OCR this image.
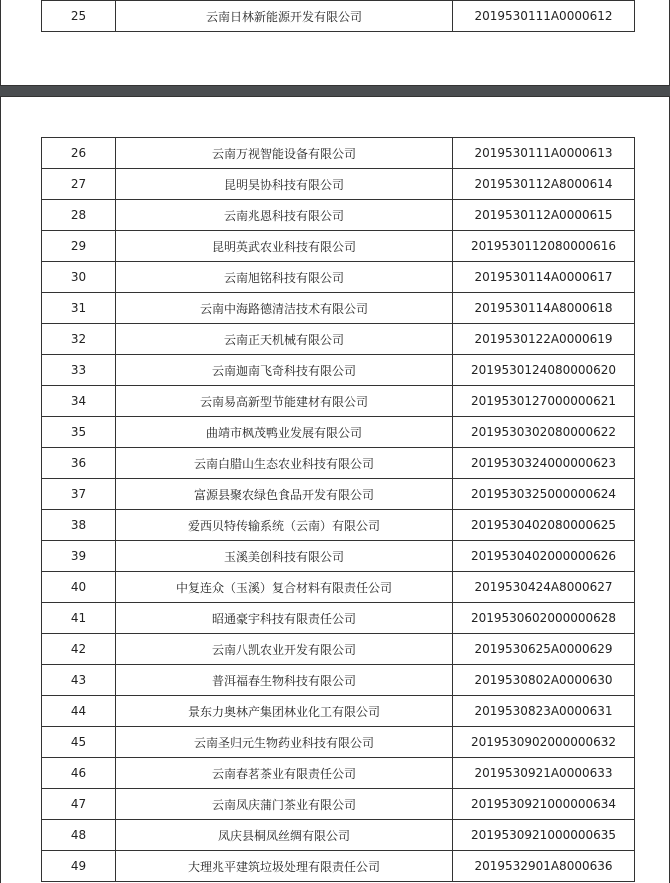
25	云南日林新能源开发有限公司	2019530111A0000612
26	云南万视智能设备有限公司	2019530111A0000613
27	昆明昊协科技有限公司	2019530112A8000614
28	云南兆恩科技有限公司	2019530112A0000615
29	昆明英武农业科技有限公司	2019530112080000616
30	云南旭铭科技有限公司	2019530114A0000617
31	云南中海路德清洁技术有限公司	2019530114A8000618
32	云南正天机械有限公司	2019530122A0000619
33	云南迦南飞奇科技有限公司	2019530124080000620
34	云南易高新型节能建材有限公司	2019530127000000621
35	曲靖市枫茂鸭业发展有限公司	2019530302080000622
36	云南白腊山生态农业科技有限公司	2019530324000000623
37	富源县聚农绿色食品开发有限公司	2019530325000000624
38	爱西贝特传输系统（云南）有限公司	2019530402080000625
39	玉溪美创科技有限公司	2019530402000000626
40	中复连众（玉溪）复合材料有限责任公司	2019530424A8000627
41	昭通豪宇科技有限责任公司	2019530602000000628
42	云南八凯农业开发有限公司	2019530625A0000629
43	普洱福春生物科技有限公司	2019530802A0000630
44	景东力奥林产集团林业化工有限公司	2019530823A0000631
45	云南圣归元生物药业科技有限公司	2019530902000000632
46	云南春茗茶业有限责任公司	2019530921A0000633
47	云南凤庆蒲门茶业有限公司	2019530921000000634
48	凤庆县桐凤丝绸有限公司	2019530921000000635
49	大理兆平建筑垃圾处理有限责任公司	2019532901A8000636
